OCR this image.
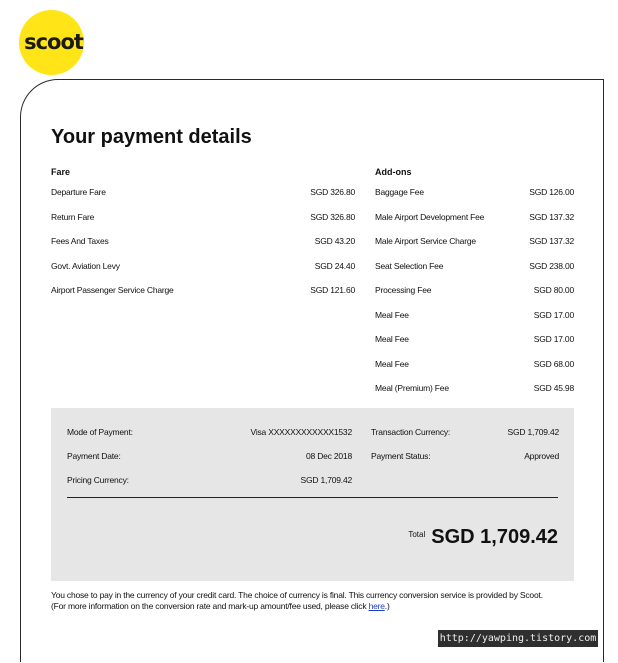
scoot
Your payment details
Fare
Departure Fare	SGD 326.80
Return Fare	SGD 326.80
Fees And Taxes	SGD 43.20
Govt. Aviation Levy	SGD 24.40
Airport Passenger Service Charge	SGD 121.60
Add-ons
Baggage Fee	SGD 126.00
Male Airport Development Fee	SGD 137.32
Male Airport Service Charge	SGD 137.32
Seat Selection Fee	SGD 238.00
Processing Fee	SGD 80.00
Meal Fee	SGD 17.00
Meal Fee	SGD 17.00
Meal Fee	SGD 68.00
Meal (Premium) Fee	SGD 45.98
Mode of Payment:	Visa XXXXXXXXXXXX1532
Payment Date:	08 Dec 2018
Pricing Currency:	SGD 1,709.42
Transaction Currency:	SGD 1,709.42
Payment Status:	Approved
Total SGD 1,709.42
You chose to pay in the currency of your credit card. The choice of currency is final. This currency conversion service is provided by Scoot.
(For more information on the conversion rate and mark-up amount/fee used, please click here.)
http://yawping.tistory.com
